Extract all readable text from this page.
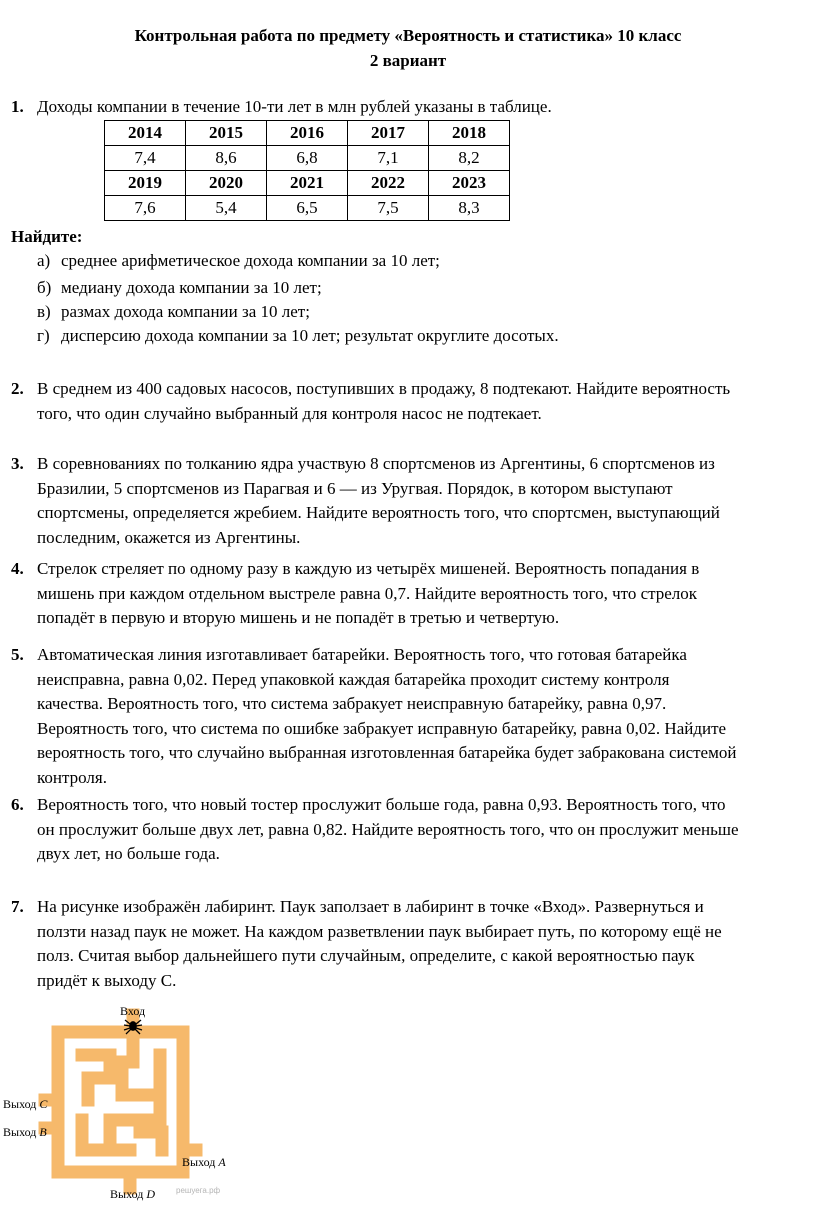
Контрольная работа по предмету «Вероятность и статистика» 10 класс
2 вариант
1. Доходы компании в течение 10-ти лет в млн рублей указаны в таблице.
2014	2015	2016	2017	2018
7,4	8,6	6,8	7,1	8,2
2019	2020	2021	2022	2023
7,6	5,4	6,5	7,5	8,3
Найдите:
а) среднее арифметическое дохода компании за 10 лет;
б) медиану дохода компании за 10 лет;
в) размах дохода компании за 10 лет;
г) дисперсию дохода компании за 10 лет; результат округлите досотых.
2. В среднем из 400 садовых насосов, поступивших в продажу, 8 подтекают. Найдите вероятность
того, что один случайно выбранный для контроля насос не подтекает.
3. В соревнованиях по толканию ядра участвую 8 спортсменов из Аргентины, 6 спортсменов из
Бразилии, 5 спортсменов из Парагвая и 6 — из Уругвая. Порядок, в котором выступают
спортсмены, определяется жребием. Найдите вероятность того, что спортсмен, выступающий
последним, окажется из Аргентины.
4. Стрелок стреляет по одному разу в каждую из четырёх мишеней. Вероятность попадания в
мишень при каждом отдельном выстреле равна 0,7. Найдите вероятность того, что стрелок
попадёт в первую и вторую мишень и не попадёт в третью и четвертую.
5. Автоматическая линия изготавливает батарейки. Вероятность того, что готовая батарейка
неисправна, равна 0,02. Перед упаковкой каждая батарейка проходит систему контроля
качества. Вероятность того, что система забракует неисправную батарейку, равна 0,97.
Вероятность того, что система по ошибке забракует исправную батарейку, равна 0,02. Найдите
вероятность того, что случайно выбранная изготовленная батарейка будет забракована системой
контроля.
6. Вероятность того, что новый тостер прослужит больше года, равна 0,93. Вероятность того, что
он прослужит больше двух лет, равна 0,82. Найдите вероятность того, что он прослужит меньше
двух лет, но больше года.
7. На рисунке изображён лабиринт. Паук заползает в лабиринт в точке «Вход». Развернуться и
ползти назад паук не может. На каждом разветвлении паук выбирает путь, по которому ещё не
полз. Считая выбор дальнейшего пути случайным, определите, с какой вероятностью паук
придёт к выходу С.
Вход
Выход C
Выход B
Выход A
Выход D	решуега.рф
